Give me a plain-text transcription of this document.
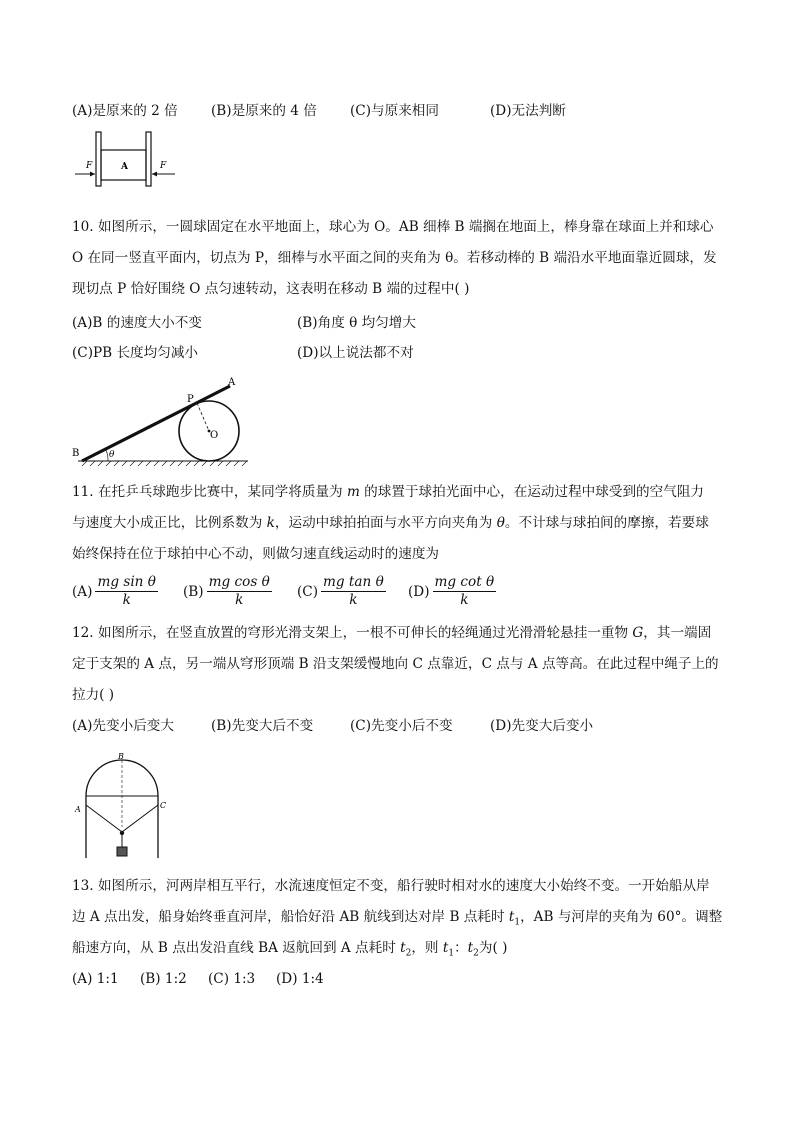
(A)是原来的 2 倍 (B)是原来的 4 倍 (C)与原来相同	(D)无法判断
F	F
A
10. 如图所示，一圆球固定在水平地面上，球心为 O。AB 细棒 B 端搁在地面上，棒身靠在球面上并和球心
O 在同一竖直平面内，切点为 P，细棒与水平面之间的夹角为 θ。若移动棒的 B 端沿水平地面靠近圆球，发
现切点 P 恰好围绕 O 点匀速转动，这表明在移动 B 端的过程中( )
(A)B 的速度大小不变	(B)角度 θ 均匀增大
(C)PB 长度均匀减小	(D)以上说法都不对
A
P
O
B	θ
11. 在托乒乓球跑步比赛中，某同学将质量为 m 的球置于球拍光面中心，在运动过程中球受到的空气阻力
与速度大小成正比，比例系数为 k，运动中球拍拍面与水平方向夹角为 θ。不计球与球拍间的摩擦，若要球
始终保持在位于球拍中心不动，则做匀速直线运动时的速度为
$(A) \frac{\text{mg sin θ}}{k} (B) \frac{\text{mg cos θ}}{k} (C) \frac{\text{mg tan θ}}{k} (D) \frac{\text{mg cot θ}}{k}$
12. 如图所示，在竖直放置的穹形光滑支架上，一根不可伸长的轻绳通过光滑滑轮悬挂一重物 G，其一端固
定于支架的 A 点，另一端从穹形顶端 B 沿支架缓慢地向 C 点靠近，C 点与 A 点等高。在此过程中绳子上的
拉力( )
(A)先变小后变大	(B)先变大后不变	(C)先变小后不变	(D)先变大后变小
B
A	C
13. 如图所示，河两岸相互平行，水流速度恒定不变，船行驶时相对水的速度大小始终不变。一开始船从岸
边 A 点出发，船身始终垂直河岸，船恰好沿 AB 航线到达对岸 B 点耗时 $t_1$，AB 与河岸的夹角为 60°。调整
船速方向，从 B 点出发沿直线 BA 返航回到 A 点耗时 $t_2$，则 $t_1$：$t_2$为( )
(A) 1:1 (B) 1:2 (C) 1:3 (D) 1:4
